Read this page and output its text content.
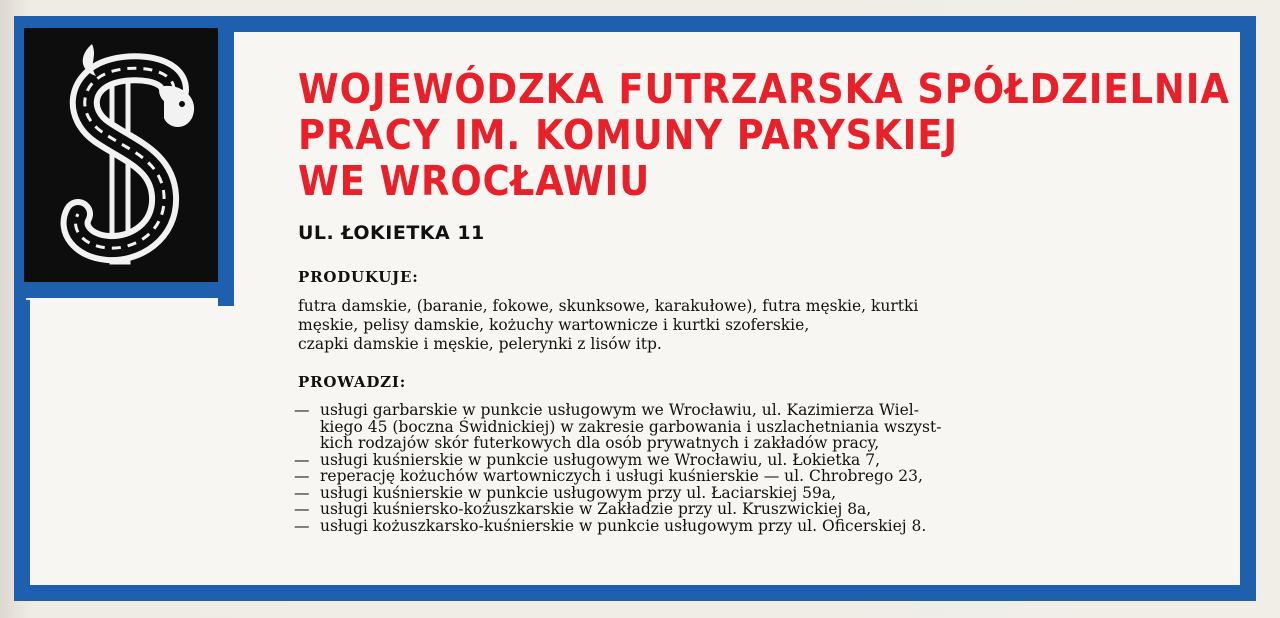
WOJEWÓDZKA FUTRZARSKA SPÓŁDZIELNIA
PRACY IM. KOMUNY PARYSKIEJ
WE WROCŁAWIU
UL. ŁOKIETKA 11
PRODUKUJE:
futra damskie, (baranie, fokowe, skunksowe, karakułowe), futra męskie, kurtki
męskie, pelisy damskie, kożuchy wartownicze i kurtki szoferskie,
czapki damskie i męskie, pelerynki z lisów itp.
PROWADZI:
— usługi garbarskie w punkcie usługowym we Wrocławiu, ul. Kazimierza Wiel-
kiego 45 (boczna Świdnickiej) w zakresie garbowania i uszlachetniania wszyst-
kich rodzajów skór futerkowych dla osób prywatnych i zakładów pracy,
— usługi kuśnierskie w punkcie usługowym we Wrocławiu, ul. Łokietka 7,
— reperację kożuchów wartowniczych i usługi kuśnierskie — ul. Chrobrego 23,
— usługi kuśnierskie w punkcie usługowym przy ul. Łaciarskiej 59a,
— usługi kuśniersko-kożuszkarskie w Zakładzie przy ul. Kruszwickiej 8a,
— usługi kożuszkarsko-kuśnierskie w punkcie usługowym przy ul. Oficerskiej 8.
